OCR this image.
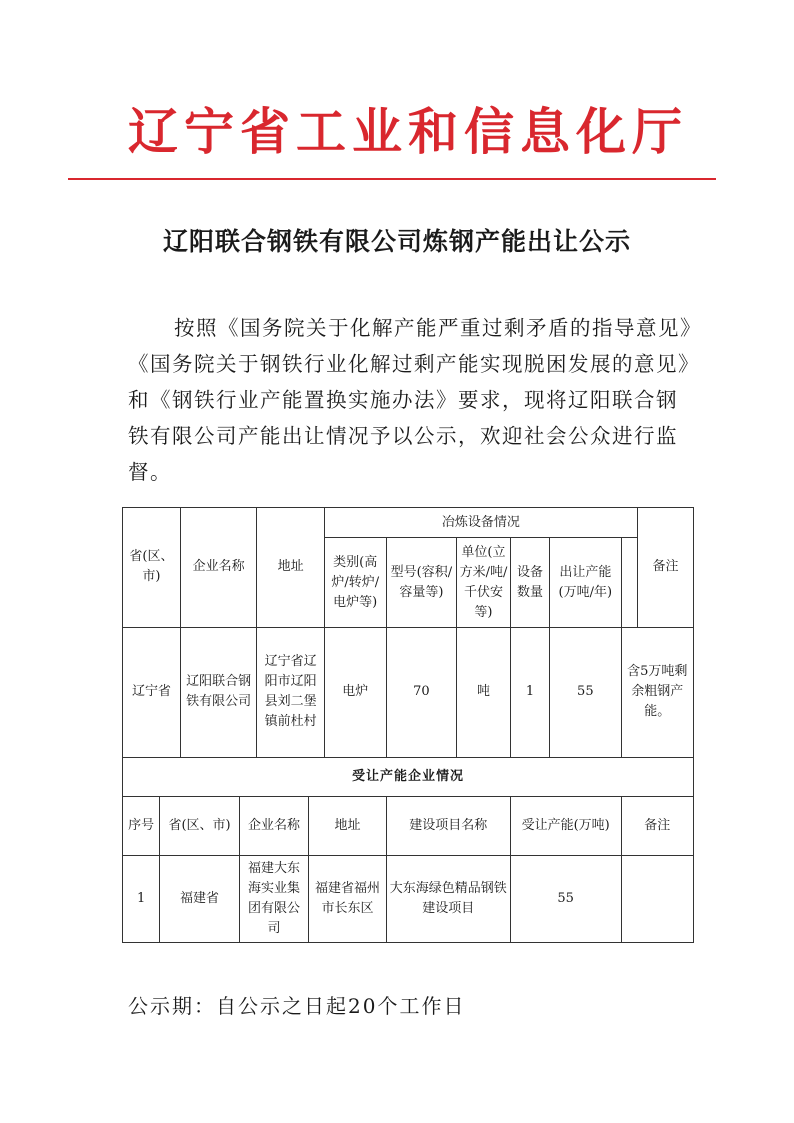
辽宁省工业和信息化厅
辽阳联合钢铁有限公司炼钢产能出让公示

按照《国务院关于化解产能严重过剩矛盾的指导意见》《国务院关于钢铁行业化解过剩产能实现脱困发展的意见》和《钢铁行业产能置换实施办法》要求，现将辽阳联合钢铁有限公司产能出让情况予以公示，欢迎社会公众进行监督。

省(区、市)		企业名称		地址		冶炼设备情况						备注
						类别(高炉/转炉/电炉等)	型号(容积/容量等)	单位(立方米/吨/千伏安等)	设备数量	出让产能(万吨/年)	
辽宁省		辽阳联合钢铁有限公司		辽宁省辽阳市辽阳县刘二堡镇前杜村		电炉	70	吨	1	55	含5万吨剩余粗钢产能。	
受让产能企业情况												
序号	省(区、市)		企业名称		地址		建设项目名称		受让产能(万吨)		备注	
1	福建省		福建大东海实业集团有限公司		福建省福州市长东区		大东海绿色精品钢铁建设项目		55			
公示期：自公示之日起20个工作日
